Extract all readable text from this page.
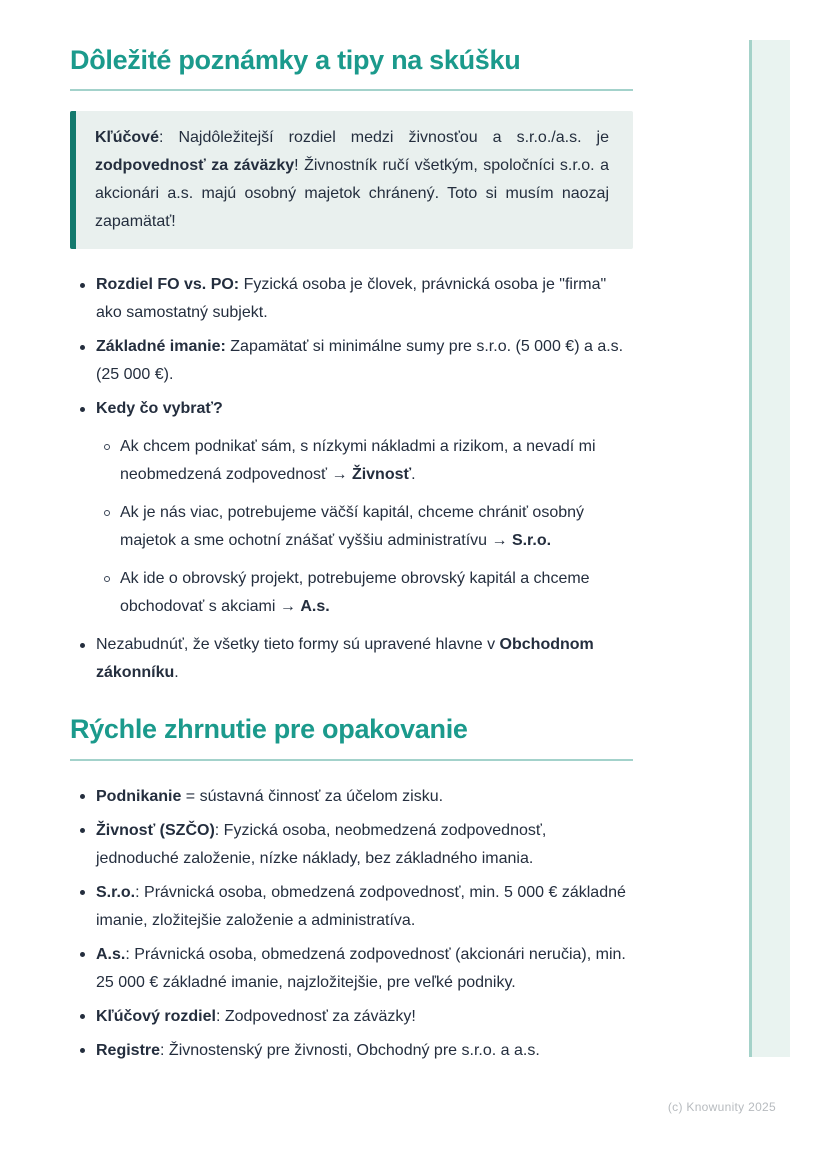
Dôležité poznámky a tipy na skúšku

Kľúčové: Najdôležitejší rozdiel medzi živnosťou a s.r.o./a.s. je zodpovednosť za záväzky! Živnostník ručí všetkým, spoločníci s.r.o. a akcionári a.s. majú osobný majetok chránený. Toto si musím naozaj zapamätať!

Rozdiel FO vs. PO: Fyzická osoba je človek, právnická osoba je "firma" ako samostatný subjekt.

Základné imanie: Zapamätať si minimálne sumy pre s.r.o. (5 000 €) a a.s. (25 000 €).

Kedy čo vybrať?

Ak chcem podnikať sám, s nízkymi nákladmi a rizikom, a nevadí mi neobmedzená zodpovednosť → Živnosť.

Ak je nás viac, potrebujeme väčší kapitál, chceme chrániť osobný majetok a sme ochotní znášať vyššiu administratívu → S.r.o.

Ak ide o obrovský projekt, potrebujeme obrovský kapitál a chceme obchodovať s akciami → A.s.

Nezabudnúť, že všetky tieto formy sú upravené hlavne v Obchodnom zákonníku.

Rýchle zhrnutie pre opakovanie

Podnikanie = sústavná činnosť za účelom zisku.

Živnosť (SZČO): Fyzická osoba, neobmedzená zodpovednosť, jednoduché založenie, nízke náklady, bez základného imania.

S.r.o.: Právnická osoba, obmedzená zodpovednosť, min. 5 000 € základné imanie, zložitejšie založenie a administratíva.

A.s.: Právnická osoba, obmedzená zodpovednosť (akcionári neručia), min. 25 000 € základné imanie, najzložitejšie, pre veľké podniky.

Kľúčový rozdiel: Zodpovednosť za záväzky!

Registre: Živnostenský pre živnosti, Obchodný pre s.r.o. a a.s.

(c) Knowunity 2025
